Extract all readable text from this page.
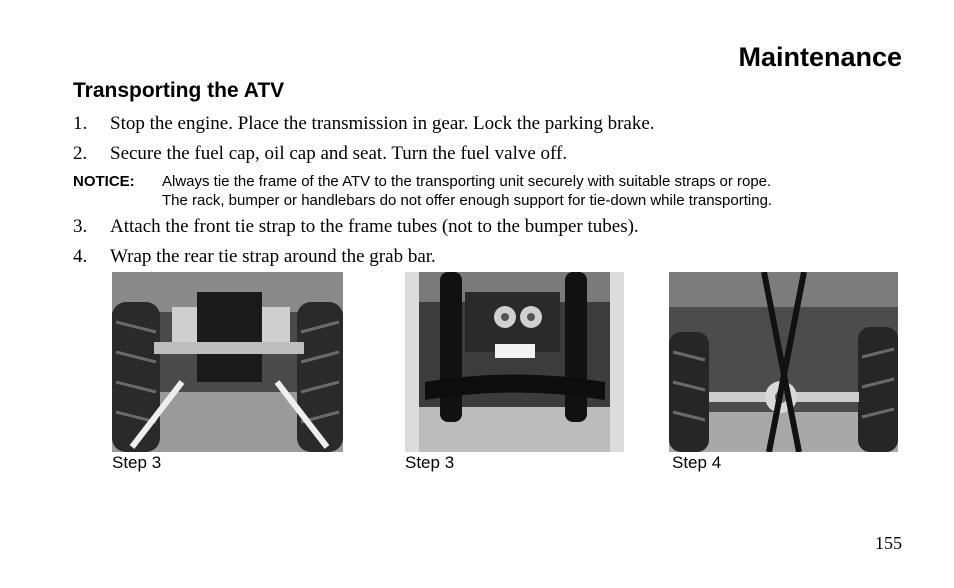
Maintenance
Transporting the ATV
1. Stop the engine. Place the transmission in gear. Lock the parking brake.
2. Secure the fuel cap, oil cap and seat. Turn the fuel valve off.
NOTICE: Always tie the frame of the ATV to the transporting unit securely with suitable straps or rope.
The rack, bumper or handlebars do not offer enough support for tie-down while transporting.
3. Attach the front tie strap to the frame tubes (not to the bumper tubes).
4. Wrap the rear tie strap around the grab bar.
Step 3	Step 3	Step 4
155
